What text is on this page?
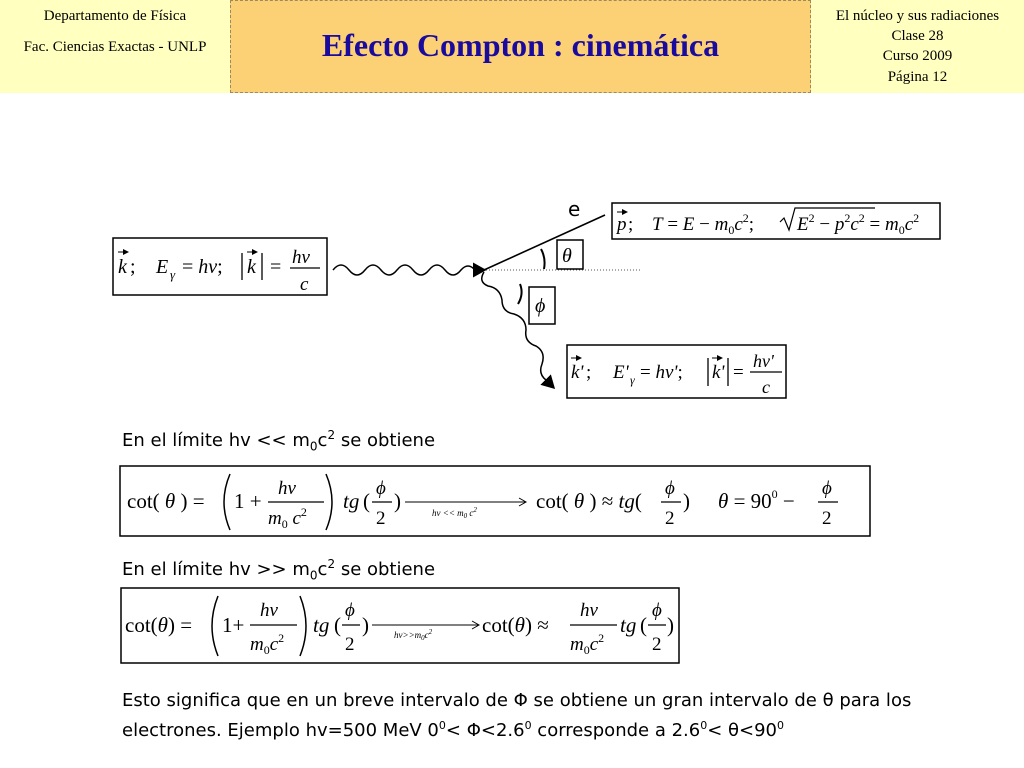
Departamento de Física
Fac. Ciencias Exactas - UNLP	Efecto Compton : cinemática
El núcleo y sus radiaciones
Clase 28
Curso 2009
Página 12
k ; E γ = hν; k = hν
c
e
θ
ϕ
p ; $T = E - m_0c^2$; $E^2 - p^2c^2 = m_0c^2$
k' ; E' γ = hν'; k' =
hν'
c
cot( θ ) = 1 +
hν
$m_0$ $c^2$ tg (
ϕ
2
)	$h\nu << m_0$ $c^2$	cot( θ ) ≈ tg(
ϕ
2
) $\theta = 90^0$ −
ϕ
2
cot(θ) = 1+
hν
$m_0c^2$
tg (
ϕ
2
)	$h\nu>>m_0c^2$ cot(θ) ≈
hν
$m_0c^2$
tg (
ϕ
2
)
En el límite hv << $m_0c^2$ se obtiene
En el límite hv >> $m_0c^2$ se obtiene
Esto significa que en un breve intervalo de Φ se obtiene un gran intervalo de θ para los
electrones. Ejemplo hv=500 MeV $0^0< \Phi<2.6^0$ corresponde a $2.6^0< \theta<90^0$
